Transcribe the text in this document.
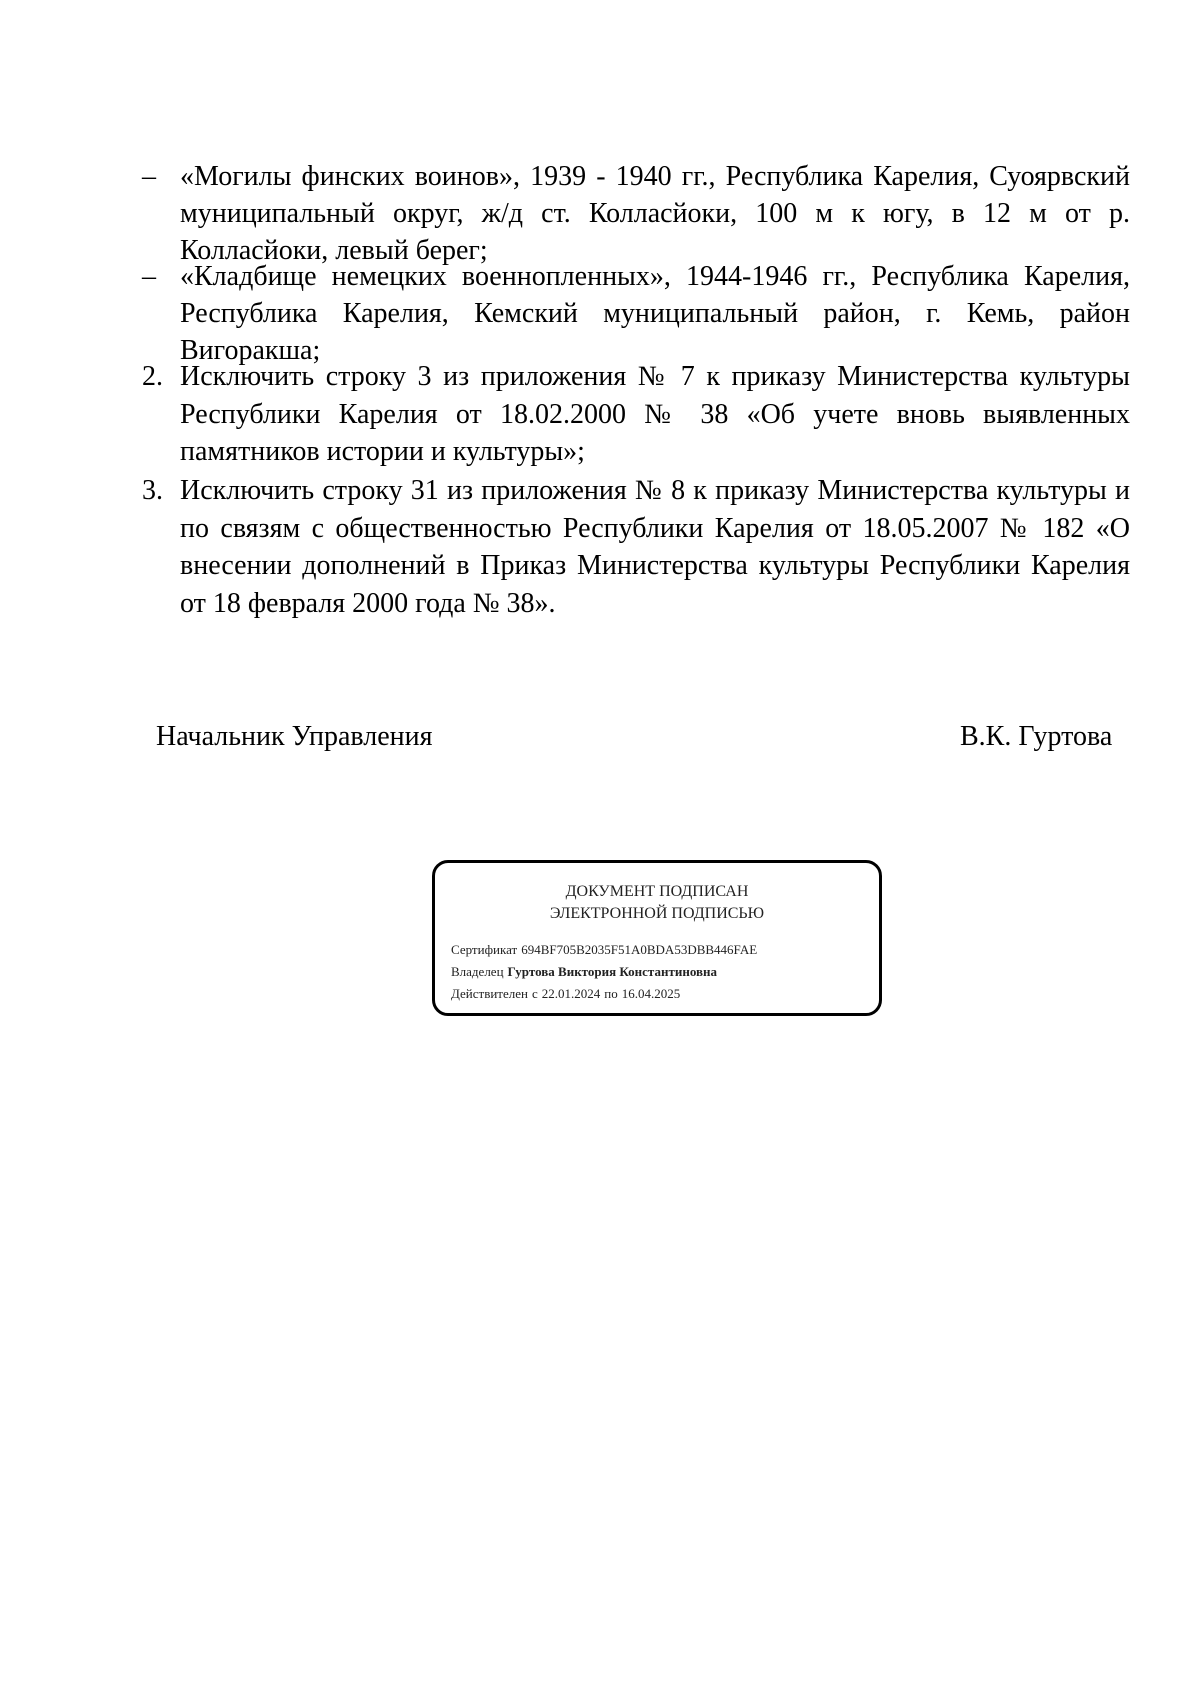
– «Могилы финских воинов», 1939 - 1940 гг., Республика Карелия, Суоярвский муниципальный округ, ж/д ст. Колласйоки, 100 м к югу, в 12 м от р. Колласйоки, левый берег;
– «Кладбище немецких военнопленных», 1944-1946 гг., Республика Карелия, Республика Карелия, Кемский муниципальный район, г. Кемь, район Вигоракша;
2. Исключить строку 3 из приложения № 7 к приказу Министерства культуры Республики Карелия от 18.02.2000 № 38 «Об учете вновь выявленных памятников истории и культуры»;
3. Исключить строку 31 из приложения № 8 к приказу Министерства культуры и по связям с общественностью Республики Карелия от 18.05.2007 № 182 «О внесении дополнений в Приказ Министерства культуры Республики Карелия от 18 февраля 2000 года № 38».
Начальник Управления	В.К. Гуртова
ДОКУМЕНТ ПОДПИСАН
ЭЛЕКТРОННОЙ ПОДПИСЬЮ
Сертификат 694BF705B2035F51A0BDA53DBB446FAE
Владелец Гуртова Виктория Константиновна
Действителен с 22.01.2024 по 16.04.2025
